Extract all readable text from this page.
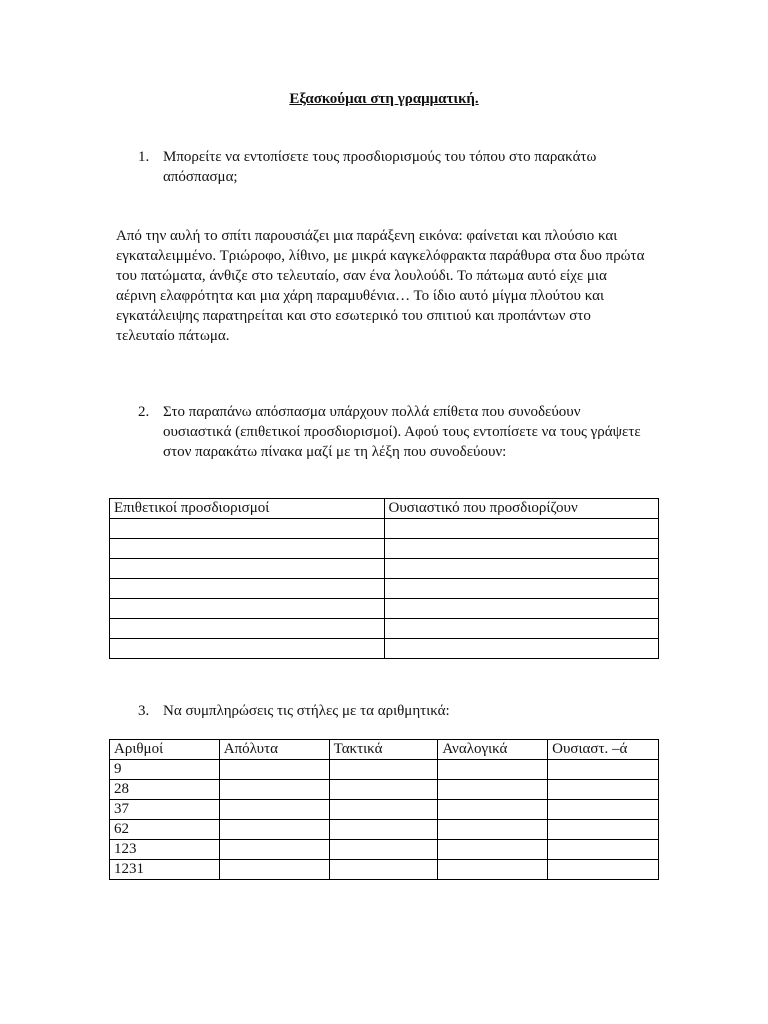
Εξασκούμαι στη γραμματική.
1. Μπορείτε να εντοπίσετε τους προσδιορισμούς του τόπου στο παρακάτω απόσπασμα;
Από την αυλή το σπίτι παρουσιάζει μια παράξενη εικόνα: φαίνεται και πλούσιο και εγκαταλειμμένο. Τριώροφο, λίθινο, με μικρά καγκελόφρακτα παράθυρα στα δυο πρώτα του πατώματα, άνθιζε στο τελευταίο, σαν ένα λουλούδι. Το πάτωμα αυτό είχε μια αέρινη ελαφρότητα και μια χάρη παραμυθένια… Το ίδιο αυτό μίγμα πλούτου και εγκατάλειψης παρατηρείται και στο εσωτερικό του σπιτιού και προπάντων στο τελευταίο πάτωμα.
2. Στο παραπάνω απόσπασμα υπάρχουν πολλά επίθετα που συνοδεύουν ουσιαστικά (επιθετικοί προσδιορισμοί). Αφού τους εντοπίσετε να τους γράψετε στον παρακάτω πίνακα μαζί με τη λέξη που συνοδεύουν:
Επιθετικοί προσδιορισμοί	Ουσιαστικό που προσδιορίζουν

3. Να συμπληρώσεις τις στήλες με τα αριθμητικά:
Αριθμοί	Απόλυτα	Τακτικά	Αναλογικά	Ουσιαστ. –ά
9				
28				
37				
62				
123				
1231				
